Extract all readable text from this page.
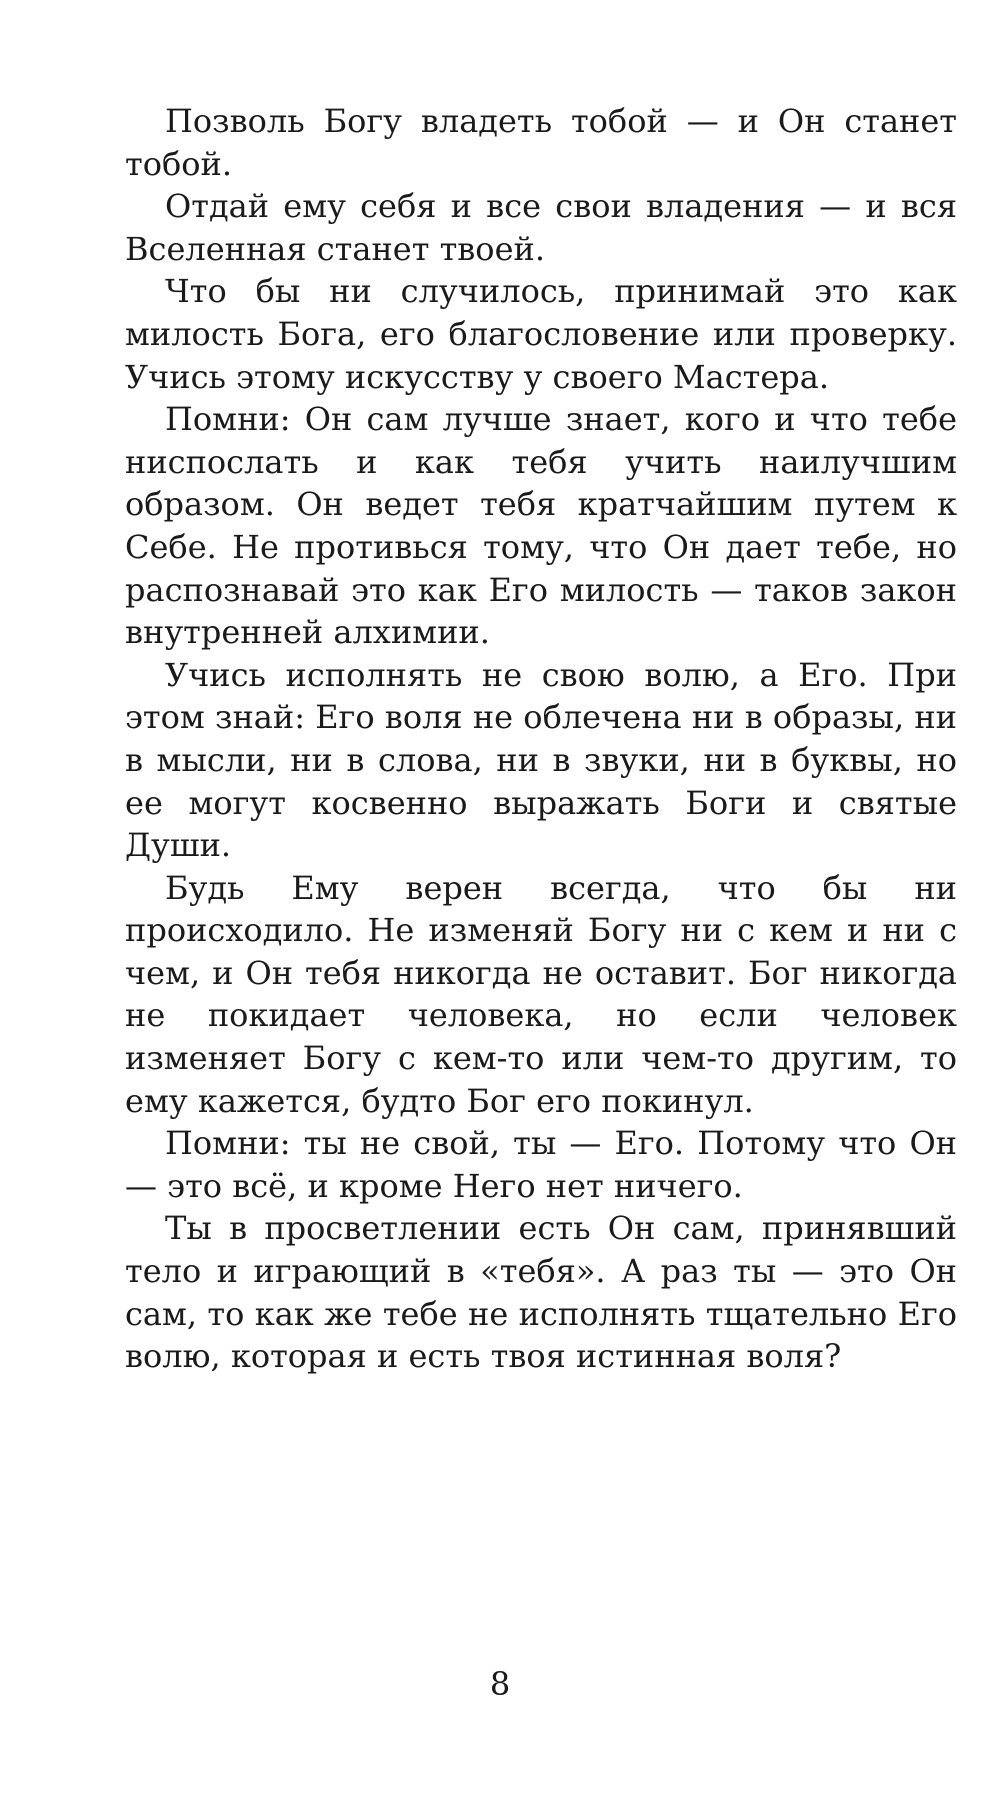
Позволь Богу владеть тобой — и Он станет тобой.

Отдай ему себя и все свои владения — и вся Вселенная станет твоей.

Что бы ни случилось, принимай это как милость Бога, его благословение или проверку. Учись этому искусству у своего Мастера.

Помни: Он сам лучше знает, кого и что тебе ниспослать и как тебя учить наилучшим образом. Он ведет тебя кратчайшим путем к Себе. Не противься тому, что Он дает тебе, но распознавай это как Его милость — таков закон внутренней алхимии.

Учись исполнять не свою волю, а Его. При этом знай: Его воля не облечена ни в образы, ни в мысли, ни в слова, ни в звуки, ни в буквы, но ее могут косвенно выражать Боги и святые Души.

Будь Ему верен всегда, что бы ни происходило. Не изменяй Богу ни с кем и ни с чем, и Он тебя никогда не оставит. Бог никогда не покидает человека, но если человек изменяет Богу с кем-то или чем-то другим, то ему кажется, будто Бог его покинул.

Помни: ты не свой, ты — Его. Потому что Он — это всё, и кроме Него нет ничего.

Ты в просветлении есть Он сам, принявший тело и играющий в «тебя». А раз ты — это Он сам, то как же тебе не исполнять тщательно Его волю, которая и есть твоя истинная воля?

8
